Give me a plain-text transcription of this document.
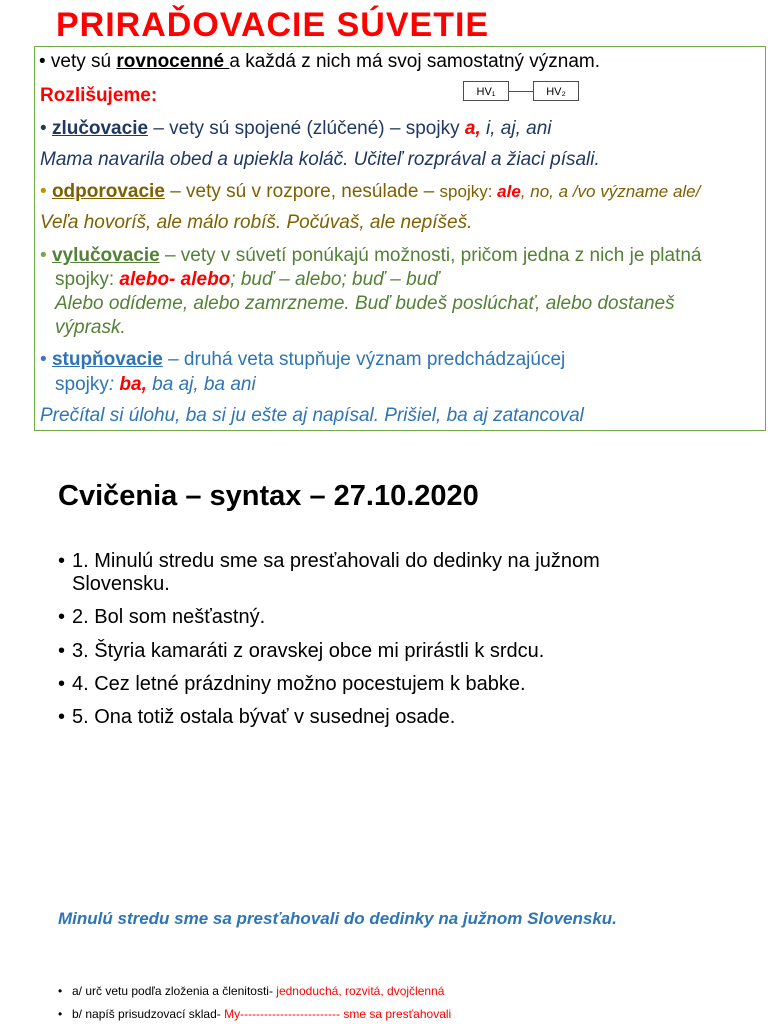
PRIRAĎOVACIE SÚVETIE
• vety sú rovnocenné a každá z nich má svoj samostatný význam.
Rozlišujeme:	HV₁	HV₂
• zlučovacie – vety sú spojené (zlúčené) – spojky a, i, aj, ani
Mama navarila obed a upiekla koláč. Učiteľ rozprával a žiaci písali.
• odporovacie – vety sú v rozpore, nesúlade – spojky: ale, no, a /vo význame ale/
Veľa hovoríš, ale málo robíš. Počúvaš, ale nepíšeš.
• vylučovacie – vety v súvetí ponúkajú možnosti, pričom jedna z nich je platná
spojky: alebo- alebo; buď – alebo; buď – buď
Alebo odídeme, alebo zamrzneme. Buď budeš poslúchať, alebo dostaneš
výprask.
• stupňovacie – druhá veta stupňuje význam predchádzajúcej
spojky: ba, ba aj, ba ani
Prečítal si úlohu, ba si ju ešte aj napísal. Prišiel, ba aj zatancoval
Cvičenia – syntax – 27.10.2020
• 1. Minulú stredu sme sa presťahovali do dedinky na južnom
Slovensku.
• 2. Bol som nešťastný.
• 3. Štyria kamaráti z oravskej obce mi prirástli k srdcu.
• 4. Cez letné prázdniny možno pocestujem k babke.
• 5. Ona totiž ostala bývať v susednej osade.
Minulú stredu sme sa presťahovali do dedinky na južnom Slovensku.
• a/ urč vetu podľa zloženia a členitosti- jednoduchá, rozvitá, dvojčlenná
• b/ napíš prisudzovací sklad- My------------------------- sme sa presťahovali
